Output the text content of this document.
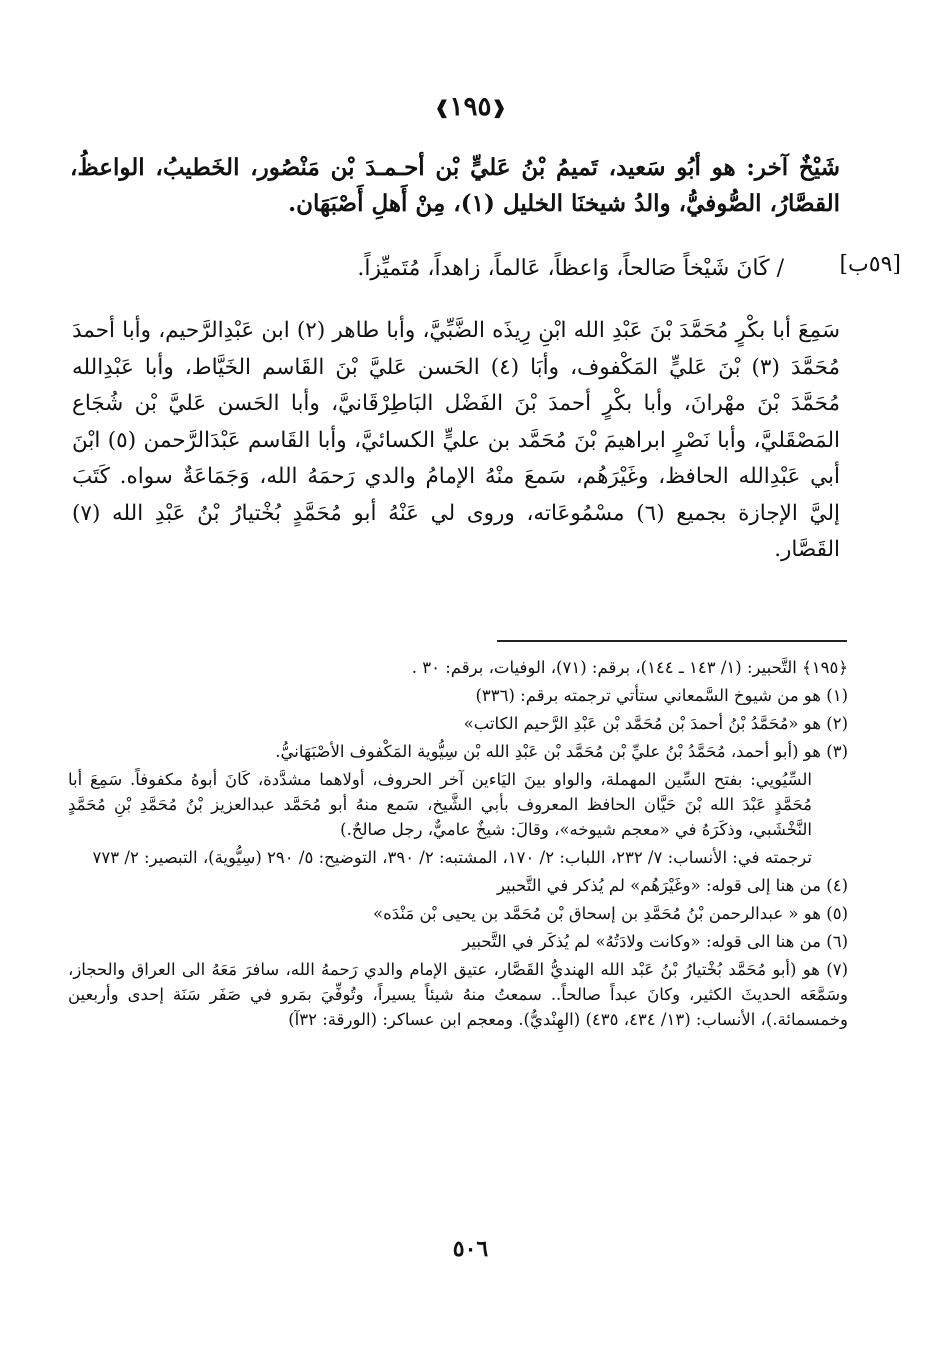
❰١٩٥❱
شَيْخٌ آخر: هو أبُو سَعيد، تَميمُ بْنُ عَليٍّ بْن أحـمـدَ بْن مَنْصُور، الخَطيبُ، الواعظُ، القصَّارُ، الصُّوفيُّ، والدُ شيخنَا الخليل (١)، مِنْ أَهلِ أَصْبَهَان.
[٥٩ب]
/ كَانَ شَيْخاً صَالحاً، وَاعظاً، عَالماً، زاهداً، مُتَميِّزاً.
سَمِعَ أبا بكْرٍ مُحَمَّدَ بْنَ عَبْدِ الله ابْنِ رِيذَه الضَّبِّيَّ، وأبا طاهر (٢) ابن عَبْدِالرَّحيم، وأبا أحمدَ مُحَمَّدَ (٣) بْنَ عَليٍّ المَكْفوف، وأبَا (٤) الحَسن عَليَّ بْنَ القَاسم الخَيَّاط، وأبا عَبْدِالله مُحَمَّدَ بْنَ مهْرانَ، وأبا بكْرٍ أحمدَ بْنَ الفَضْل البَاطِرْقَانيَّ، وأبا الحَسن عَليَّ بْن شُجَاع المَصْقَليَّ، وأبا نَصْرٍ ابراهيمَ بْنَ مُحَمَّد بن عليٍّ الكسائيَّ، وأبا القَاسم عَبْدَالرَّحمن (٥) ابْنَ أبي عَبْدِالله الحافظ، وغَيْرَهُم، سَمعَ منْهُ الإمامُ والدي رَحمَهُ الله، وَجَمَاعَةٌ سواه. كَتَبَ إليَّ الإجازة بجميع (٦) مسْمُوعَاته، وروى لي عَنْهُ أبو مُحَمَّدٍ بُخْتيارُ بْنُ عَبْدِ الله (٧) القَصَّار.

﴿١٩٥﴾ التَّحبير: (١/ ١٤٣ ـ ١٤٤)، برقم: (٧١)، الوفيات، برقم: ٣٠ .

(١) هو من شيوخ السَّمعاني ستأتي ترجمته برقم: (٣٣٦)

(٢) هو «مُحَمَّدُ بْنُ أحمدَ بْن مُحَمَّد بْن عَبْدِ الرَّحيم الكاتب»

(٣) هو (أبو أحمد، مُحَمَّدُ بْنُ عليِّ بْن مُحَمَّد بْن عَبْدِ الله بْن سِيُّوية المَكْفوف الأصْبَهَانيُّ.

السِّيُويي: بفتح السِّين المهملة، والواو بينَ اليَاءين آخر الحروف، أولاهما مشدَّدة، كَانَ أبوهُ مكفوفاً. سَمِعَ أبا مُحَمَّدٍ عَبْدَ الله بْنَ حَيَّان الحافظ المعروف بأبي الشَّيخ، سَمع منهُ أبو مُحَمَّد عبدالعزيز بْنُ مُحَمَّدِ بْنِ مُحَمَّدٍ النَّخْشَبي، وذكَرَهُ في «معجم شيوخه»، وقالَ: شيخٌ عاميٌّ، رجل صالحٌ.)

ترجمته في: الأنساب: ٧/ ٢٣٢، اللباب: ٢/ ١٧٠، المشتبه: ٢/ ٣٩٠، التوضيح: ٥/ ٢٩٠ (سِيُّوية)، التبصير: ٢/ ٧٧٣

(٤) من هنا إلى قوله: «وغَيْرَهُم» لم يُذكر في التَّحبير

(٥) هو « عبدالرحمن بْنُ مُحَمَّدِ بن إسحاق بْن مُحَمَّد بن يحيى بْن مَنْدَه»

(٦) من هنا الى قوله: «وكانت ولادَتُهُ» لم يُذكَر في التَّحبير

(٧) هو (أبو مُحَمَّد بُخْتيارُ بْنُ عَبْد الله الهنديُّ القَصَّار، عتيق الإمام والدي رَحمهُ الله، سافرَ مَعَهُ الى العراق والحجاز، وسَمَّعَه الحديثَ الكثير، وكانَ عبداً صالحاً.. سمعتُ منهُ شيئاً يسيراً، وتُوفِّيَ بمَرو في صَفَر سَنَة إحدى وأربعين وخمسمائة.)، الأنساب: (١٣/ ٤٣٤، ٤٣٥) (الهِنْديُّ). ومعجم ابن عساكر: (الورقة: ٣٢آ)

٥٠٦
